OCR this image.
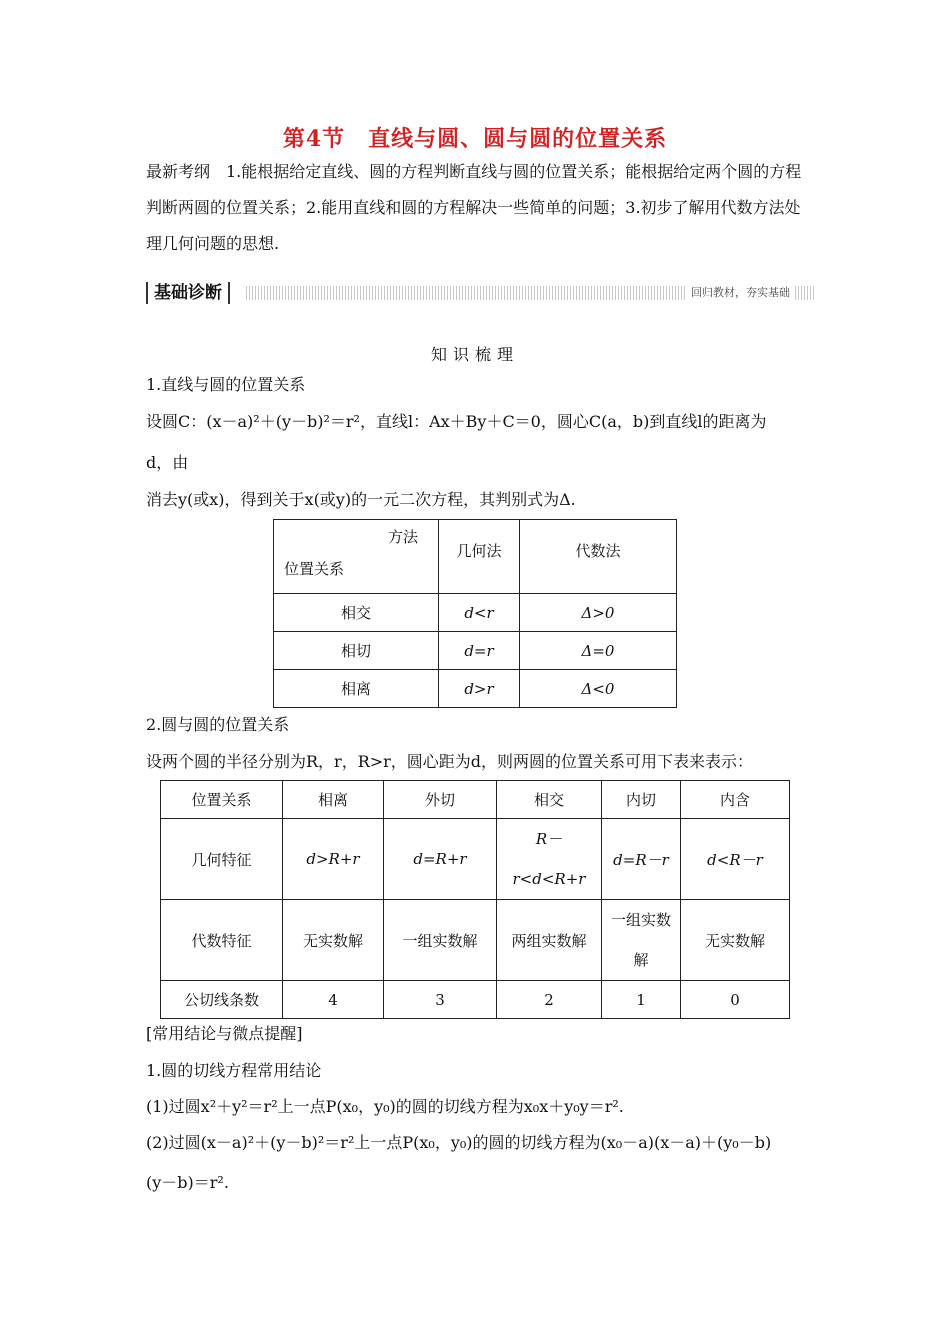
第4节　直线与圆、圆与圆的位置关系
最新考纲　1.能根据给定直线、圆的方程判断直线与圆的位置关系；能根据给定两个圆的方程判断两圆的位置关系；2.能用直线和圆的方程解决一些简单的问题；3.初步了解用代数方法处理几何问题的思想.
基础诊断	回归教材，夯实基础
知识梳理
1.直线与圆的位置关系
设圆C：(x－a)²＋(y－b)²＝r²，直线l：Ax＋By＋C＝0，圆心C(a，b)到直线l的距离为
d，由
消去y(或x)，得到关于x(或y)的一元二次方程，其判别式为Δ.
方法
位置关系	几何法	代数法
相交	d<r	Δ>0
相切	d=r	Δ=0
相离	d>r	Δ<0
2.圆与圆的位置关系
设两个圆的半径分别为R，r，R>r，圆心距为d，则两圆的位置关系可用下表来表示：
位置关系	相离	外切	相交	内切	内含
几何特征	d>R+r	d=R+r	R－r<d<R+r	d=R－r	d<R－r
代数特征	无实数解	一组实数解	两组实数解	一组实数解	无实数解
公切线条数	4	3	2	1	0
[常用结论与微点提醒]
1.圆的切线方程常用结论
(1)过圆x²＋y²＝r²上一点P(x₀，y₀)的圆的切线方程为x₀x＋y₀y＝r².
(2)过圆(x－a)²＋(y－b)²＝r²上一点P(x₀，y₀)的圆的切线方程为(x₀－a)(x－a)＋(y₀－b)
(y－b)＝r².
